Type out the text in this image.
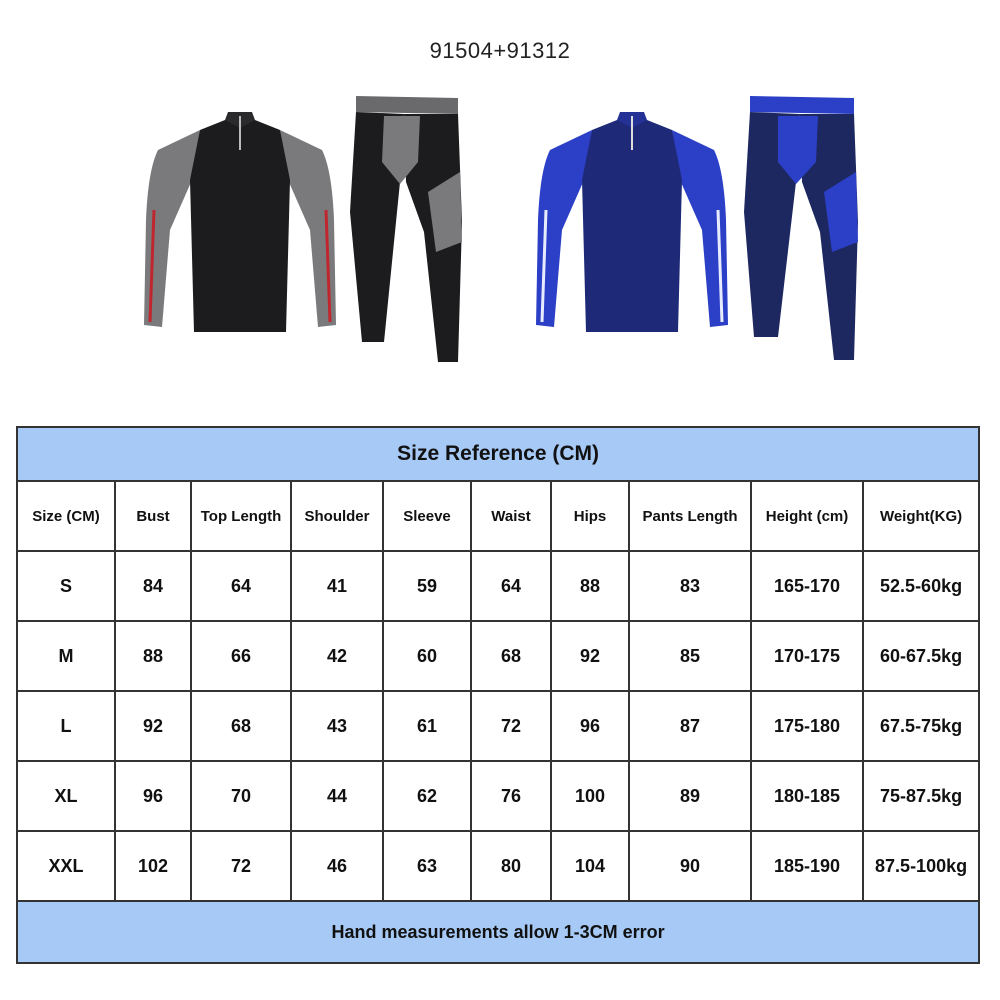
91504+91312
Size Reference (CM)									
Size (CM)	Bust	Top Length	Shoulder	Sleeve	Waist	Hips	Pants Length	Height (cm)	Weight(KG)
S	84	64	41	59	64	88	83	165-170	52.5-60kg
M	88	66	42	60	68	92	85	170-175	60-67.5kg
L	92	68	43	61	72	96	87	175-180	67.5-75kg
XL	96	70	44	62	76	100	89	180-185	75-87.5kg
XXL	102	72	46	63	80	104	90	185-190	87.5-100kg
Hand measurements allow 1-3CM error									
